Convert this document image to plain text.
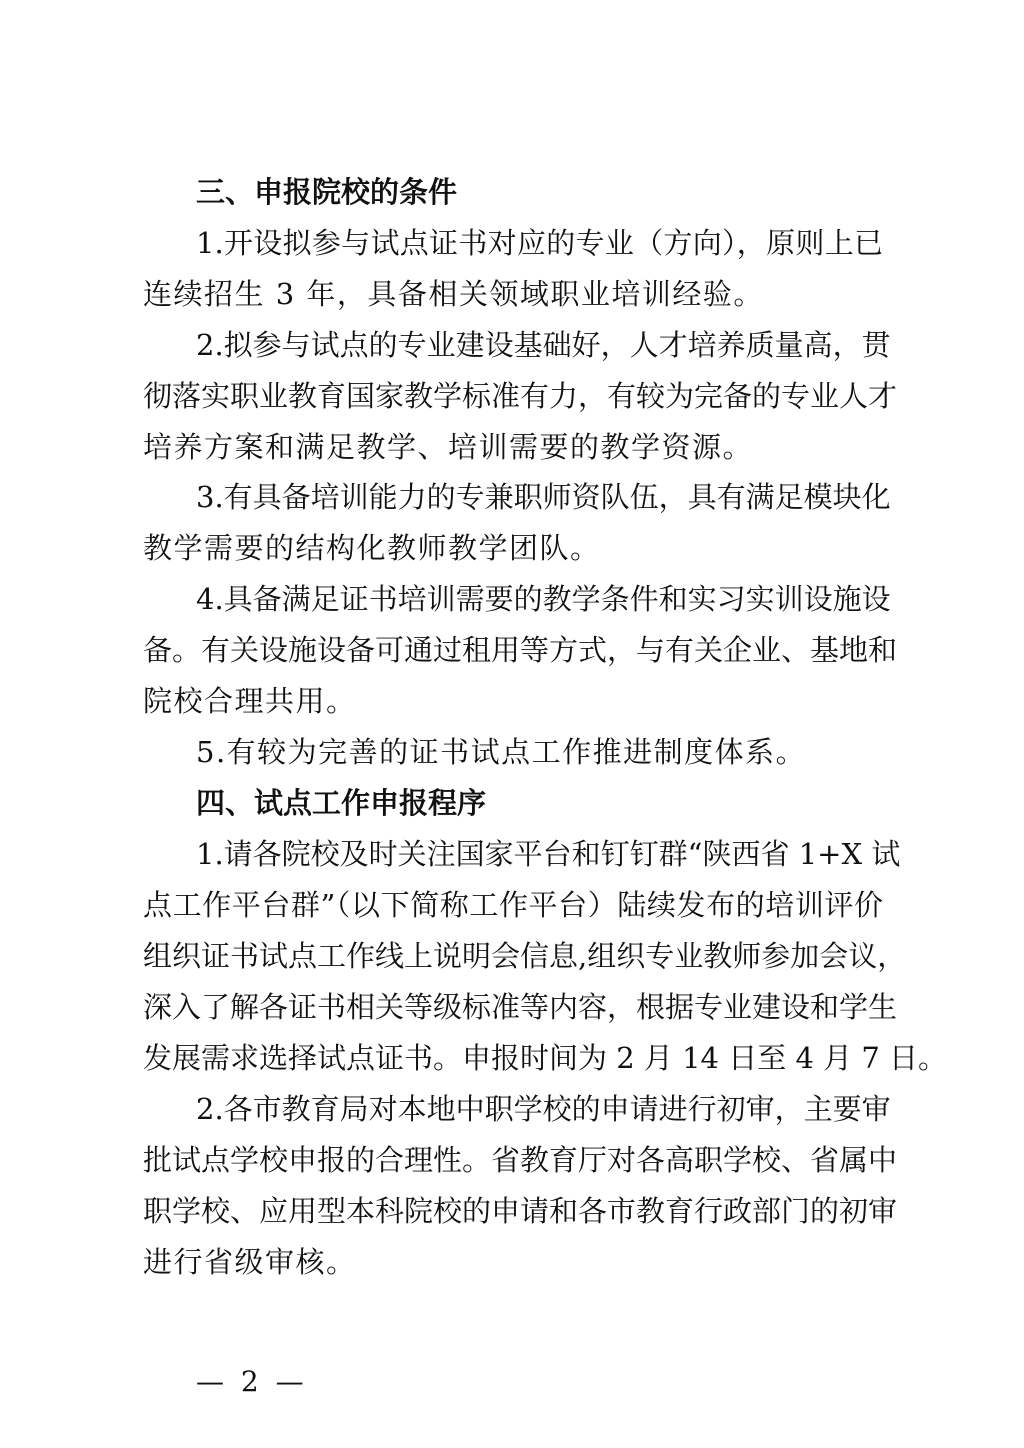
三、申报院校的条件
1.开设拟参与试点证书对应的专业（方向），原则上已
连续招生 3 年，具备相关领域职业培训经验。
2.拟参与试点的专业建设基础好，人才培养质量高，贯
彻落实职业教育国家教学标准有力，有较为完备的专业人才
培养方案和满足教学、培训需要的教学资源。
3.有具备培训能力的专兼职师资队伍，具有满足模块化
教学需要的结构化教师教学团队。
4.具备满足证书培训需要的教学条件和实习实训设施设
备。有关设施设备可通过租用等方式，与有关企业、基地和
院校合理共用。
5.有较为完善的证书试点工作推进制度体系。
四、试点工作申报程序
1.请各院校及时关注国家平台和钉钉群“陕西省 1+X 试
点工作平台群”（以下简称工作平台）陆续发布的培训评价
组织证书试点工作线上说明会信息,组织专业教师参加会议，
深入了解各证书相关等级标准等内容，根据专业建设和学生
发展需求选择试点证书。申报时间为 2 月 14 日至 4 月 7 日。
2.各市教育局对本地中职学校的申请进行初审，主要审
批试点学校申报的合理性。省教育厅对各高职学校、省属中
职学校、应用型本科院校的申请和各市教育行政部门的初审
进行省级审核。
— 2 —
